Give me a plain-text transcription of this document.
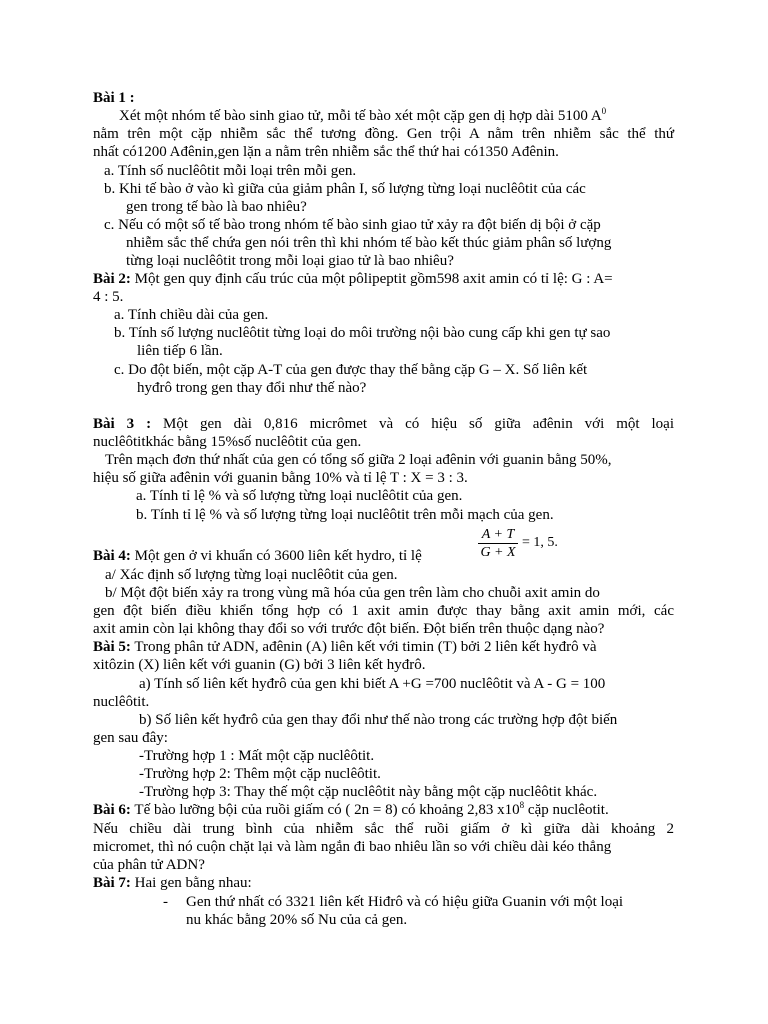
Bài 1 :
Xét một nhóm tế bào sinh giao tử, mỗi tế bào xét một cặp gen dị hợp dài 5100 $A^0$
nằm trên một cặp nhiễm sắc thể tương đồng. Gen trội A nằm trên nhiễm sắc thể thứ
nhất có1200 Ađênin,gen lặn a nằm trên nhiễm sắc thể thứ hai có1350 Ađênin.
a. Tính số nuclêôtit mỗi loại trên mỗi gen.
b. Khi tế bào ở vào kì giữa của giảm phân I, số lượng từng loại nuclêôtit của các
gen trong tế bào là bao nhiêu?
c. Nếu có một số tế bào trong nhóm tế bào sinh giao tử xảy ra đột biến dị bội ở cặp
nhiễm sắc thể chứa gen nói trên thì khi nhóm tế bào kết thúc giảm phân số lượng
từng loại nuclêôtit trong mỗi loại giao tử là bao nhiêu?
Bài 2: Một gen quy định cấu trúc của một pôlipeptit gồm598 axit amin có tỉ lệ: G : A=
4 : 5.
a. Tính chiều dài của gen.
b. Tính số lượng nuclêôtit từng loại do môi trường nội bào cung cấp khi gen tự sao
liên tiếp 6 lần.
c. Do đột biến, một cặp A-T của gen được thay thế bằng cặp G – X. Số liên kết
hyđrô trong gen thay đổi như thế nào?
Bài 3 : Một gen dài 0,816 micrômet và có hiệu số giữa ađênin với một loại
nuclêôtitkhác bằng 15%số nuclêôtit của gen.
Trên mạch đơn thứ nhất của gen có tổng số giữa 2 loại ađênin với guanin bằng 50%,
hiệu số giữa ađênin với guanin bằng 10% và tỉ lệ T : X = 3 : 3.
a. Tính tỉ lệ % và số lượng từng loại nuclêôtit của gen.
b. Tính tỉ lệ % và số lượng từng loại nuclêôtit trên mỗi mạch của gen.
$\frac{A + T}{G + X} = 1$, 5.
Bài 4: Một gen ở vi khuẩn có 3600 liên kết hydro, tỉ lệ
a/ Xác định số lượng từng loại nuclêôtit của gen.
b/ Một đột biến xảy ra trong vùng mã hóa của gen trên làm cho chuỗi axit amin do
gen đột biến điều khiển tổng hợp có 1 axit amin được thay bằng axit amin mới, các
axit amin còn lại không thay đổi so với trước đột biến. Đột biến trên thuộc dạng nào?
Bài 5: Trong phân tử ADN, ađênin (A) liên kết với timin (T) bởi 2 liên kết hyđrô và
xitôzin (X) liên kết với guanin (G) bởi 3 liên kết hyđrô.
a) Tính số liên kết hyđrô của gen khi biết A +G =700 nuclêôtit và A - G = 100
nuclêôtit.
b) Số liên kết hyđrô của gen thay đổi như thế nào trong các trường hợp đột biến
gen sau đây:
-Trường hợp 1 : Mất một cặp nuclêôtit.
-Trường hợp 2: Thêm một cặp nuclêôtit.
-Trường hợp 3: Thay thế một cặp nuclêôtit này bằng một cặp nuclêôtit khác.
Bài 6: Tế bào lưỡng bội của ruồi giấm có ( 2n = 8) có khoảng 2,83 $x10^8$ cặp nuclêotit.
Nếu chiều dài trung bình của nhiễm sắc thể ruồi giấm ở kì giữa dài khoảng 2
micromet, thì nó cuộn chặt lại và làm ngắn đi bao nhiêu lần so với chiều dài kéo thẳng
của phân tử ADN?
Bài 7: Hai gen bằng nhau:
- Gen thứ nhất có 3321 liên kết Hiđrô và có hiệu giữa Guanin với một loại
nu khác bằng 20% số Nu của cả gen.
